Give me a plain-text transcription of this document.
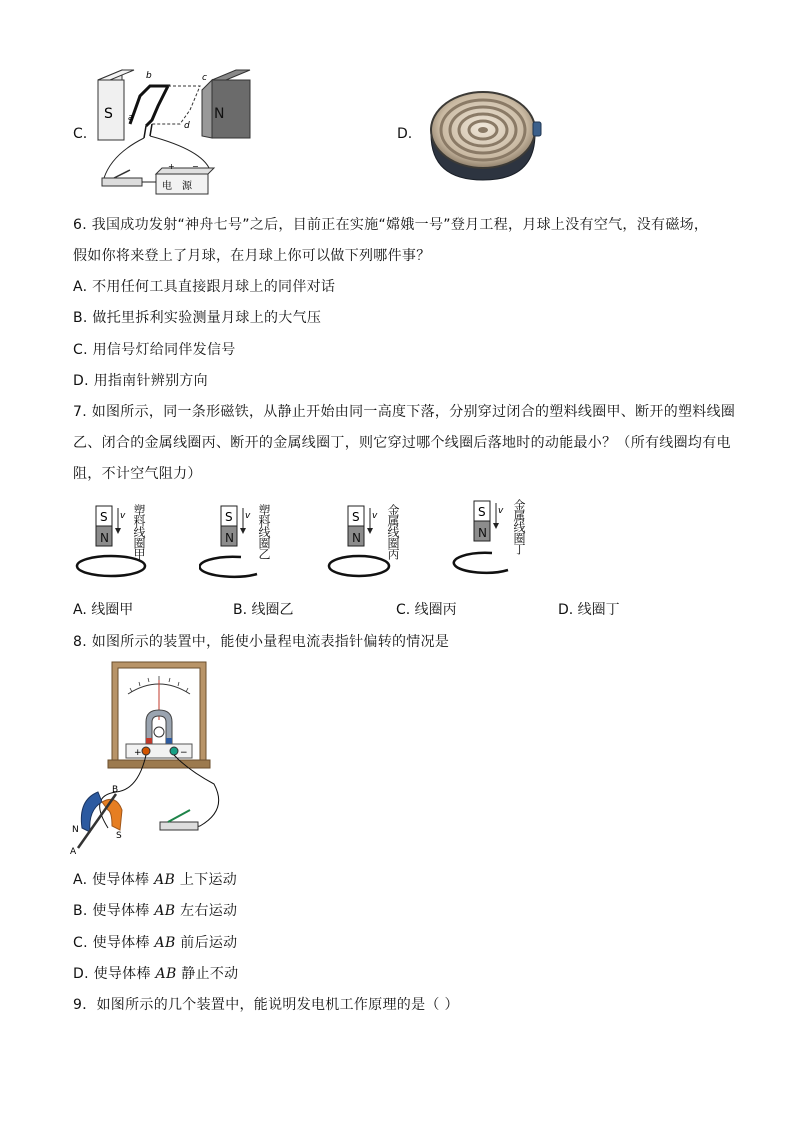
C.
S	N
a
b	c
d
+ −
电　源
D.
6. 我国成功发射“神舟七号”之后，目前正在实施“嫦娥一号”登月工程，月球上没有空气，没有磁场，
假如你将来登上了月球，在月球上你可以做下列哪件事？
A. 不用任何工具直接跟月球上的同伴对话
B. 做托里拆利实验测量月球上的大气压
C. 用信号灯给同伴发信号
D. 用指南针辨别方向
7. 如图所示，同一条形磁铁，从静止开始由同一高度下落，分别穿过闭合的塑料线圈甲、断开的塑料线圈
乙、闭合的金属线圈丙、断开的金属线圈丁，则它穿过哪个线圈后落地时的动能最小？（所有线圈均有电
阻，不计空气阻力）
S
N
v 塑料线圈甲	S
N
v 塑料线圈乙	S
N
v 金属线圈丙	S
N
v 金属线圈丁
A. 线圈甲	B. 线圈乙	C. 线圈丙	D. 线圈丁
8. 如图所示的装置中，能使小量程电流表指针偏转的情况是
+	−
B
N
S
A
A. 使导体棒 AB 上下运动
B. 使导体棒 AB 左右运动
C. 使导体棒 AB 前后运动
D. 使导体棒 AB 静止不动
9．如图所示的几个装置中，能说明发电机工作原理的是（ ）
